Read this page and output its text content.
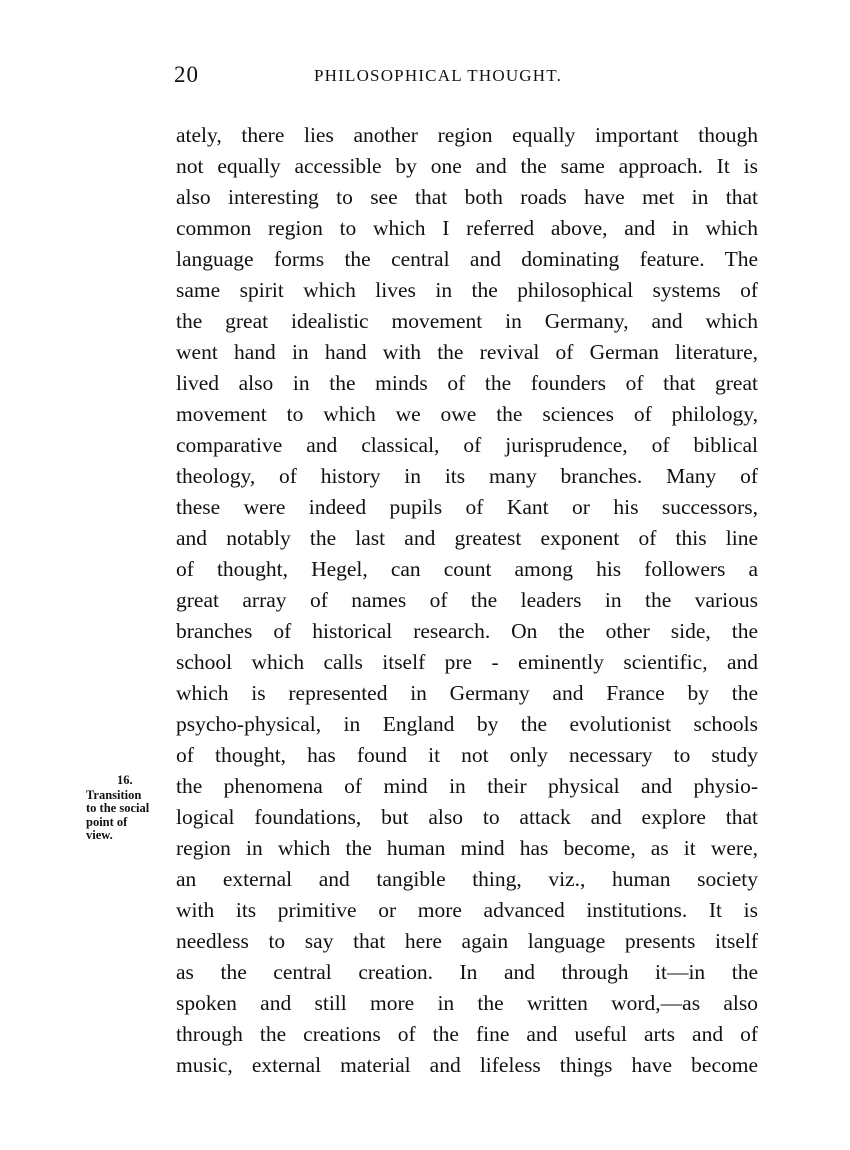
20	PHILOSOPHICAL THOUGHT.
16.
Transition
to the social
point of
view.
ately, there lies another region equally important though
not equally accessible by one and the same approach. It is
also interesting to see that both roads have met in that
common region to which I referred above, and in which
language forms the central and dominating feature. The
same spirit which lives in the philosophical systems of
the great idealistic movement in Germany, and which
went hand in hand with the revival of German literature,
lived also in the minds of the founders of that great
movement to which we owe the sciences of philology,
comparative and classical, of jurisprudence, of biblical
theology, of history in its many branches. Many of
these were indeed pupils of Kant or his successors,
and notably the last and greatest exponent of this line
of thought, Hegel, can count among his followers a
great array of names of the leaders in the various
branches of historical research. On the other side, the
school which calls itself pre - eminently scientific, and
which is represented in Germany and France by the
psycho-physical, in England by the evolutionist schools
of thought, has found it not only necessary to study
the phenomena of mind in their physical and physio-
logical foundations, but also to attack and explore that
region in which the human mind has become, as it were,
an external and tangible thing, viz., human society
with its primitive or more advanced institutions. It is
needless to say that here again language presents itself
as the central creation. In and through it—in the
spoken and still more in the written word,—as also
through the creations of the fine and useful arts and of
music, external material and lifeless things have become
